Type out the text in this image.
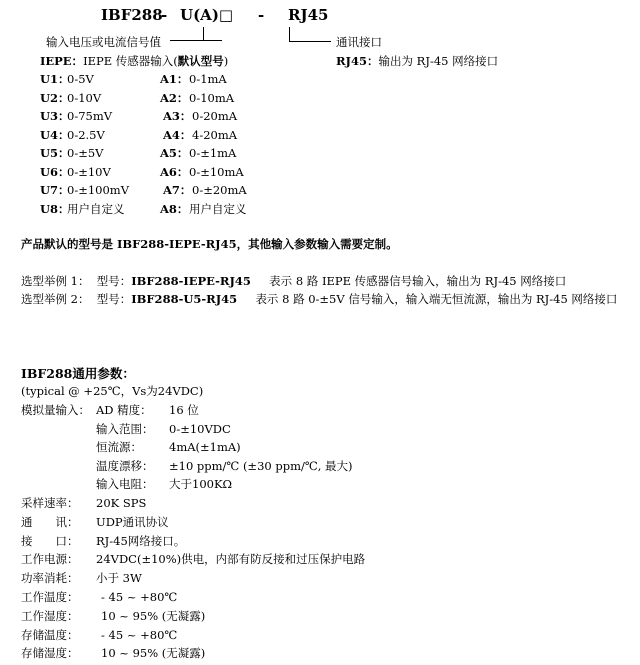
IBF288
- U(A)□ - RJ45
输入电压或电流信号值	通讯接口
IEPE：IEPE 传感器输入(默认型号)	RJ45：输出为 RJ-45 网络接口
U1：
0-5V
U2：
0-10V
U3：
0-75mV
U4：
0-2.5V
U5：
0-±5V
U6：
0-±10V
U7：
0-±100mV
U8：
用户自定义
A1： 0-1mA
A2： 0-10mA
A3： 0-20mA
A4： 4-20mA
A5： 0-±1mA
A6： 0-±10mA
A7： 0-±20mA
A8： 用户自定义
产品默认的型号是 IBF288-IEPE-RJ45，其他输入参数输入需要定制。
选型举例 1： 型号：IBF288-IEPE-RJ45 表示 8 路 IEPE 传感器信号输入，输出为 RJ-45 网络接口
选型举例 2： 型号：IBF288-U5-RJ45 表示 8 路 0-±5V 信号输入，输入端无恒流源，输出为 RJ-45 网络接口
IBF288通用参数：
(typical @ +25℃，Vs为24VDC)
模拟量输入： AD 精度： 16 位
输入范围： 0-±10VDC
恒流源： 4mA(±1mA)
温度漂移： ±10 ppm/℃ (±30 ppm/℃, 最大)
输入电阻： 大于100KΩ
采样速率： 20K SPS
通　　讯： UDP通讯协议
接　　口： RJ-45网络接口。
工作电源： 24VDC(±10%)供电，内部有防反接和过压保护电路
功率消耗： 小于 3W
工作温度： - 45 ~ +80℃
工作湿度： 10 ~ 95% (无凝露)
存储温度： - 45 ~ +80℃
存储湿度： 10 ~ 95% (无凝露)
